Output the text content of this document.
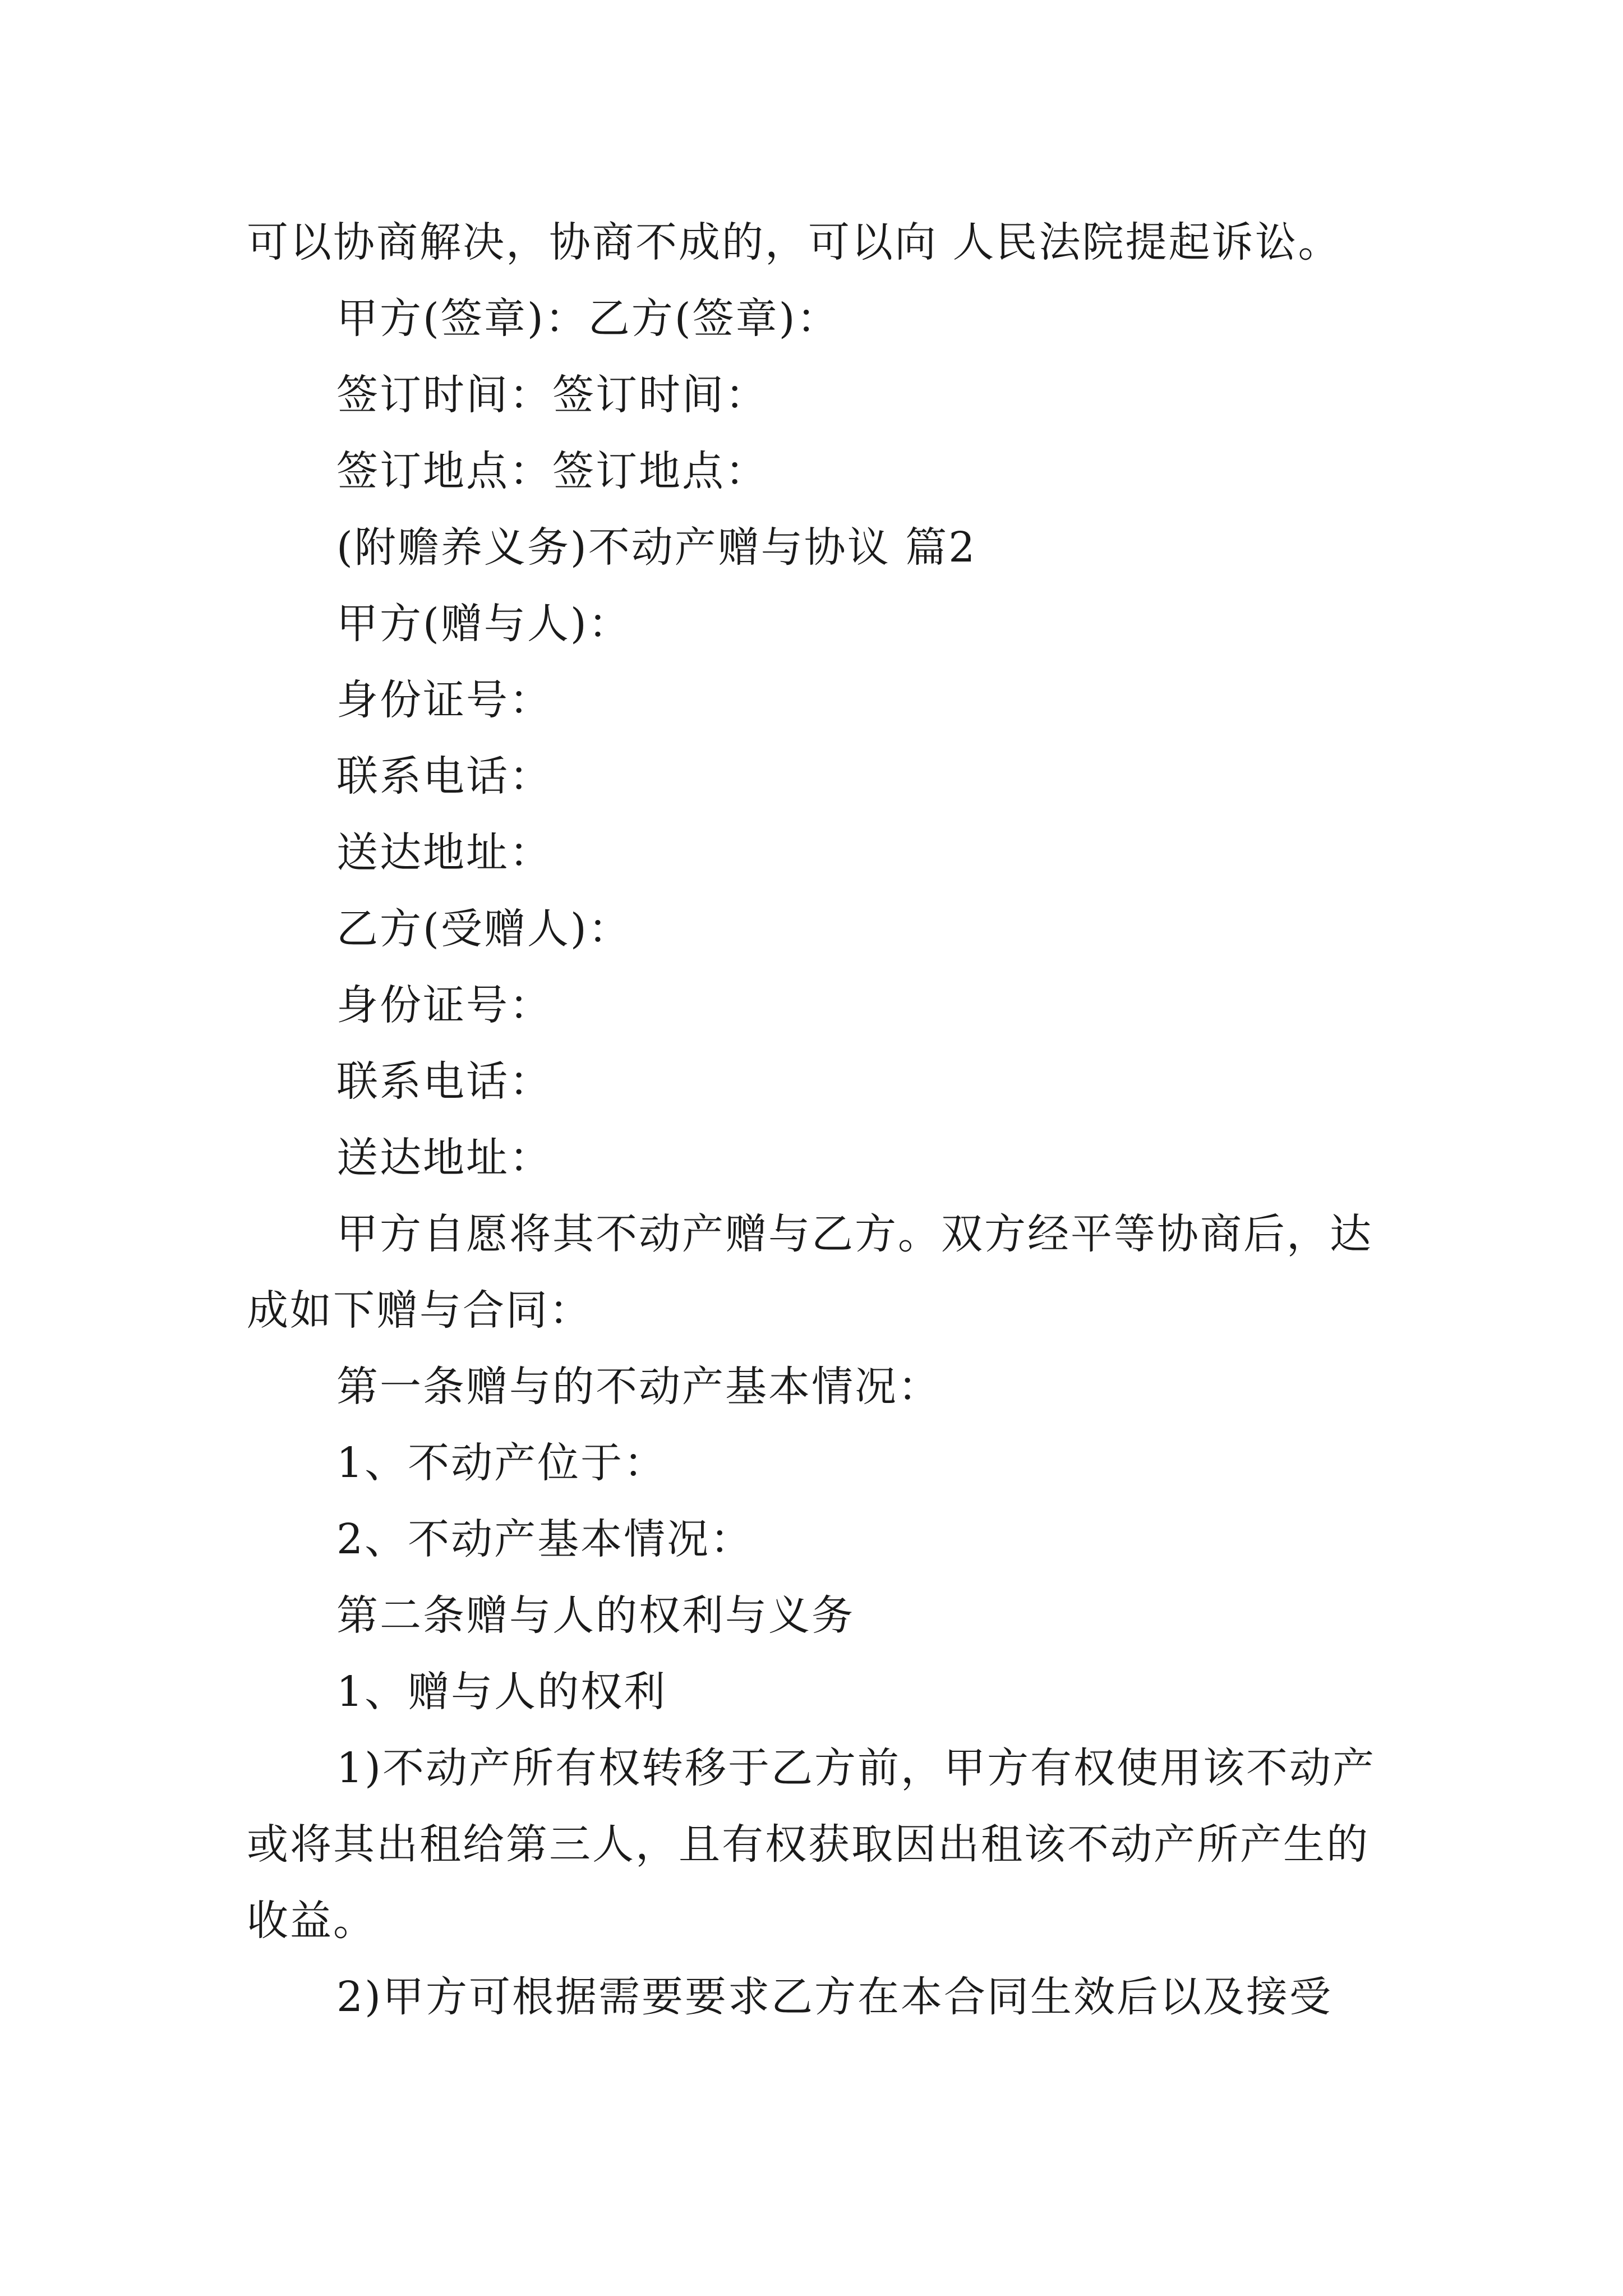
可以协商解决，协商不成的，可以向 人民法院提起诉讼。

甲方(签章)：乙方(签章)：

签订时间：签订时间：

签订地点：签订地点：

(附赡养义务)不动产赠与协议 篇2

甲方(赠与人)：

身份证号：

联系电话：

送达地址：

乙方(受赠人)：

身份证号：

联系电话：

送达地址：

甲方自愿将其不动产赠与乙方。双方经平等协商后，达

成如下赠与合同：

第一条赠与的不动产基本情况：

1、不动产位于：

2、不动产基本情况：

第二条赠与人的权利与义务

1、赠与人的权利

1)不动产所有权转移于乙方前，甲方有权使用该不动产

或将其出租给第三人，且有权获取因出租该不动产所产生的

收益。

2)甲方可根据需要要求乙方在本合同生效后以及接受
